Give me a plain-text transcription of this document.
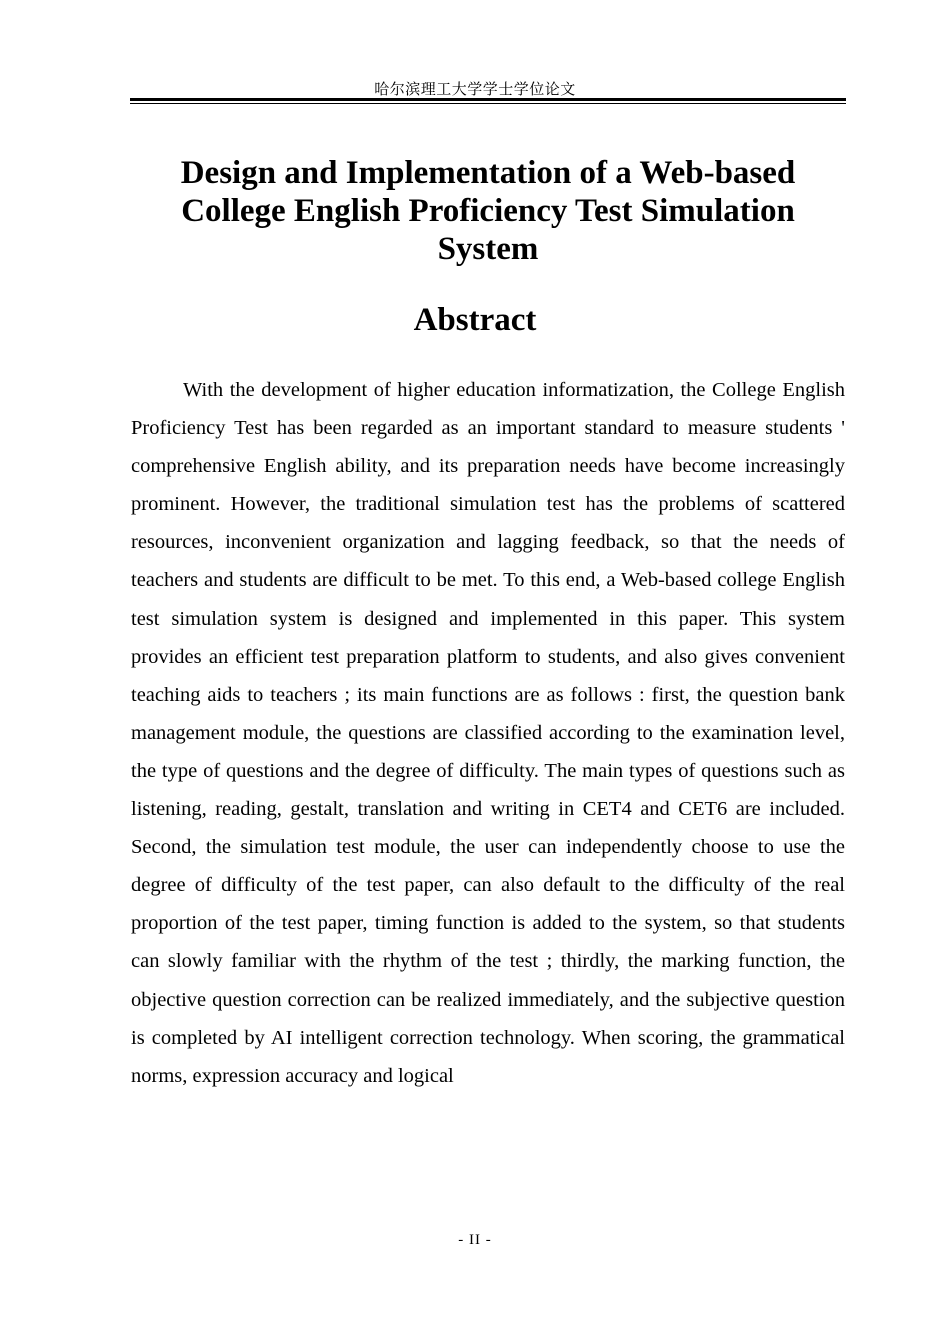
哈尔滨理工大学学士学位论文
Design and Implementation of a Web-based College English Proficiency Test Simulation System
Abstract

With the development of higher education informatization, the College English Proficiency Test has been regarded as an important standard to measure students ' comprehensive English ability, and its preparation needs have become increasingly prominent. However, the traditional simulation test has the problems of scattered resources, inconvenient organization and lagging feedback, so that the needs of teachers and students are difficult to be met. To this end, a Web-based college English test simulation system is designed and implemented in this paper. This system provides an efficient test preparation platform to students, and also gives convenient teaching aids to teachers ; its main functions are as follows : first, the question bank management module, the questions are classified according to the examination level, the type of questions and the degree of difficulty. The main types of questions such as listening, reading, gestalt, translation and writing in CET4 and CET6 are included. Second, the simulation test module, the user can independently choose to use the degree of difficulty of the test paper, can also default to the difficulty of the real proportion of the test paper, timing function is added to the system, so that students can slowly familiar with the rhythm of the test ; thirdly, the marking function, the objective question correction can be realized immediately, and the subjective question is completed by AI intelligent correction technology. When scoring, the grammatical norms, expression accuracy and logical

- II -
